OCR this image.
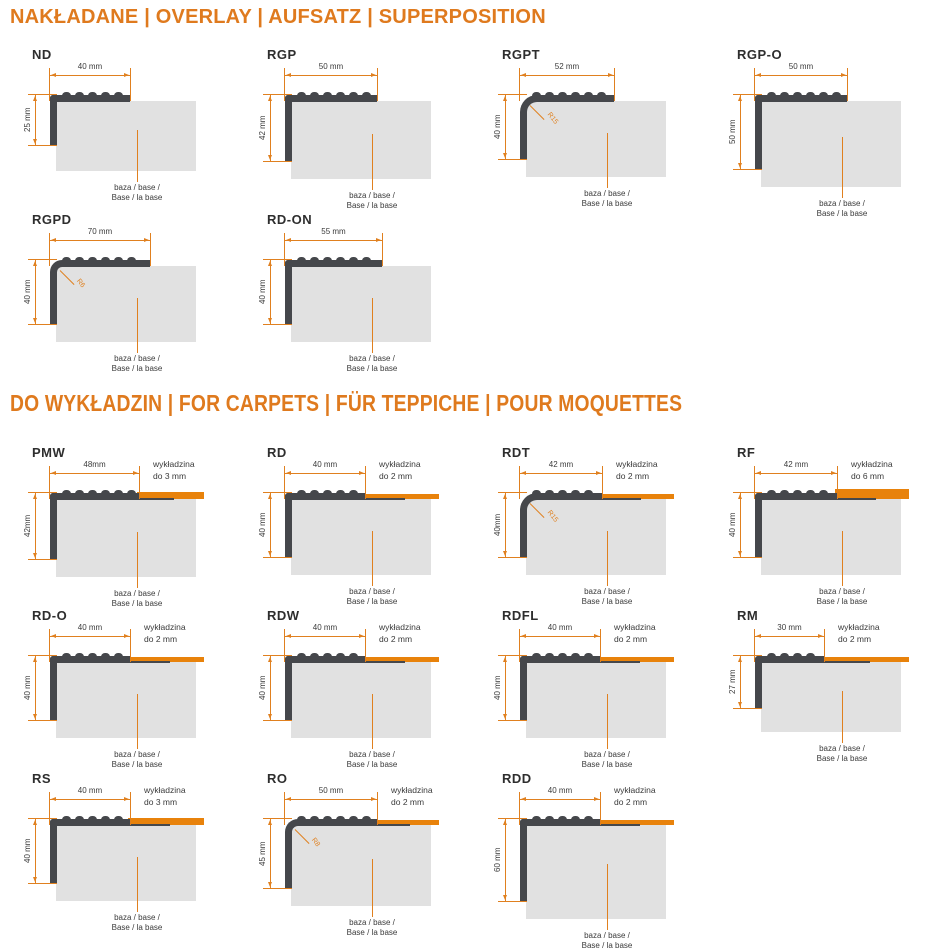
NAKŁADANE | OVERLAY | AUFSATZ | SUPERPOSITION
ND
40 mm
25 mm
baza / base /
Base / la base
RGP
50 mm
42 mm
baza / base /
Base / la base
RGPT
52 mm
40 mm	R15
baza / base /
Base / la base
RGP-O
50 mm
50 mm
baza / base /
Base / la base
RGPD
70 mm
40 mm	R6
baza / base /
Base / la base
RD-ON
55 mm
40 mm
baza / base /
Base / la base
DO WYKŁADZIN | FOR CARPETS | FÜR TEPPICHE | POUR MOQUETTES
PMW
48mm
42mm
baza / base /
Base / la base
wykładzina
do 3 mm
RD
40 mm
40 mm
baza / base /
Base / la base
wykładzina
do 2 mm
RDT
42 mm
40mm	R15
baza / base /
Base / la base
wykładzina
do 2 mm
RF
42 mm
40 mm
baza / base /
Base / la base
wykładzina
do 6 mm
RD-O
40 mm
40 mm
baza / base /
Base / la base
wykładzina
do 2 mm
RDW
40 mm
40 mm
baza / base /
Base / la base
wykładzina
do 2 mm
RDFL
40 mm
40 mm
baza / base /
Base / la base
wykładzina
do 2 mm
RM
30 mm
27 mm
baza / base /
Base / la base
wykładzina
do 2 mm
RS
40 mm
40 mm
baza / base /
Base / la base
wykładzina
do 3 mm
RO
50 mm
45 mm	R8
baza / base /
Base / la base
wykładzina
do 2 mm
RDD
40 mm
60 mm
baza / base /
Base / la base
wykładzina
do 2 mm
